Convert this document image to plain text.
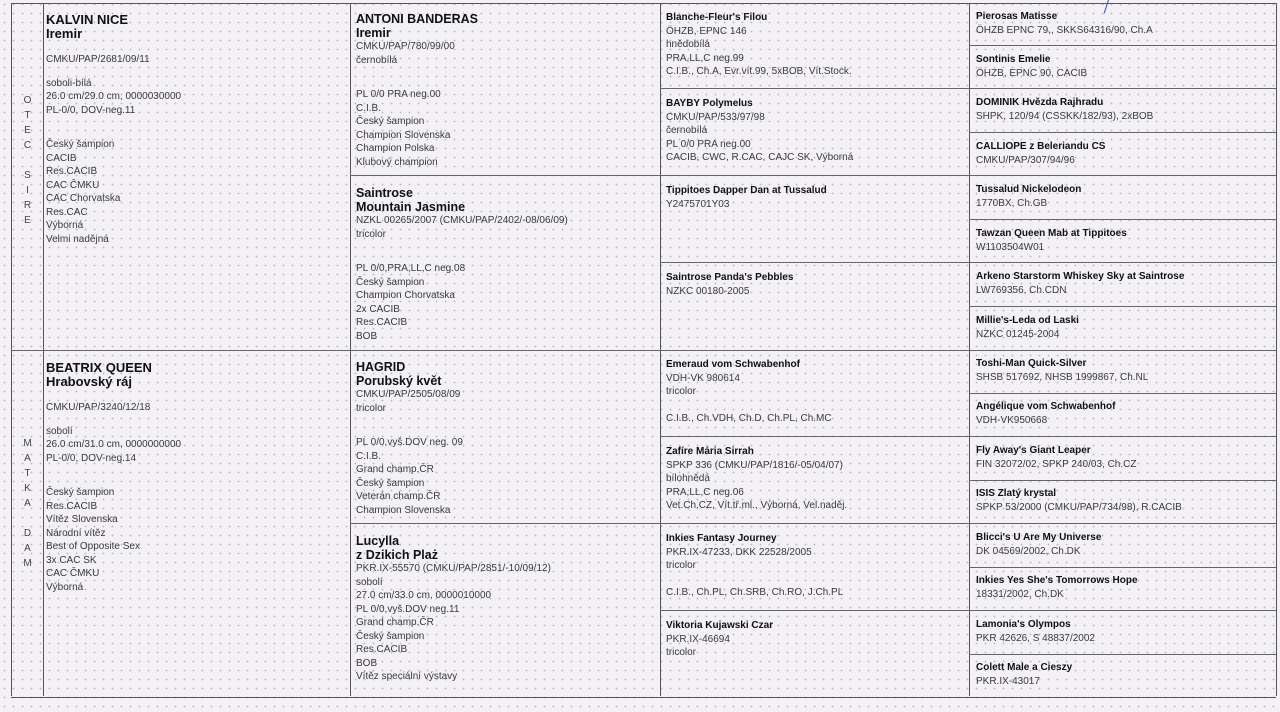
O
T
E
C

S
I
R
E
M
A
T
K
A

D
A
M
KALVIN NICE
Iremir
CMKU/PAP/2681/09/11
soboli-bílá
26.0 cm/29.0 cm, 0000030000
PL-0/0, DOV-neg.11
Český šampion
CACIB
Res.CACIB
CAC ČMKU
CAC Chorvatska
Res.CAC
Výborná
Velmi nadějná
BEATRIX QUEEN
Hrabovský ráj
CMKU/PAP/3240/12/18
sobolí
26.0 cm/31.0 cm, 0000000000
PL-0/0, DOV-neg.14
Český šampion
Res.CACIB
Vítěz Slovenska
Národní vítěz
Best of Opposite Sex
3x CAC SK
CAC ČMKU
Výborná
ANTONI BANDERAS
Iremir
CMKU/PAP/780/99/00
černobílá
PL 0/0 PRA neg.00
C.I.B.
Český šampion
Champion Slovenska
Champion Polska
Klubový champion
Saintrose
Mountain Jasmine
NZKL 00265/2007 (CMKU/PAP/2402/-08/06/09)
tricolor
PL 0/0,PRA,LL,C neg.08
Český šampion
Champion Chorvatska
2x CACIB
Res.CACIB
BOB
HAGRID
Porubský květ
CMKU/PAP/2505/08/09
tricolor
PL 0/0,vyš.DOV neg. 09
C.I.B.
Grand champ.ČR
Český šampion
Veterán champ.ČR
Champion Slovenska
Lucylla
z Dzikich Plaż
PKR.IX-55570 (CMKU/PAP/2851/-10/09/12)
sobolí
27.0 cm/33.0 cm, 0000010000
PL 0/0,vyš.DOV neg.11
Grand champ.ČR
Český šampion
Res.CACIB
BOB
Vítěz speciální výstavy
Blanche-Fleur's Filou
ÖHZB, EPNC 146
hnědobílá
PRA,LL,C neg.99
C.I.B., Ch.A, Evr.vít.99, 5xBOB, Vít.Stock.
BAYBY Polymelus
CMKU/PAP/533/97/98
černobílá
PL 0/0 PRA neg.00
CACIB, CWC, R.CAC, CAJC SK, Výborná
Tippitoes Dapper Dan at Tussalud
Y2475701Y03
Saintrose Panda's Pebbles
NZKC 00180-2005
Emeraud vom Schwabenhof
VDH-VK 980614
tricolor
C.I.B., Ch.VDH, Ch.D, Ch.PL, Ch.MC
Zafíre Mária Sirrah
SPKP 336 (CMKU/PAP/1816/-05/04/07)
bílohnědá
PRA,LL,C neg.06
Vet.Ch.CZ, Vít.tř.ml., Výborná, Vel.naděj.
Inkies Fantasy Journey
PKR.IX-47233, DKK 22528/2005
tricolor
C.I.B., Ch.PL, Ch.SRB, Ch.RO, J.Ch.PL
Viktoria Kujawski Czar
PKR.IX-46694
tricolor
Pierosas Matisse
ÖHZB EPNC 79,, SKKS64316/90, Ch.A
Sontinis Emelie
ÖHZB, EPNC 90, CACIB
DOMINIK Hvězda Rajhradu
SHPK, 120/94 (CSSKK/182/93), 2xBOB
CALLIOPE z Beleriandu CS
CMKU/PAP/307/94/96
Tussalud Nickelodeon
1770BX, Ch.GB
Tawzan Queen Mab at Tippitoes
W1103504W01
Arkeno Starstorm Whiskey Sky at Saintrose
LW769356, Ch.CDN
Millie's-Leda od Laski
NZKC 01245-2004
Toshi-Man Quick-Silver
SHSB 517692, NHSB 1999867, Ch.NL
Angélique vom Schwabenhof
VDH-VK950668
Fly Away's Giant Leaper
FIN 32072/02, SPKP 240/03, Ch.CZ
ISIS Zlatý krystal
SPKP 53/2000 (CMKU/PAP/734/98), R.CACIB
Blicci's U Are My Universe
DK 04569/2002, Ch.DK
Inkies Yes She's Tomorrows Hope
18331/2002, Ch.DK
Lamonia's Olympos
PKR 42626, S 48837/2002
Colett Male a Cieszy
PKR.IX-43017
